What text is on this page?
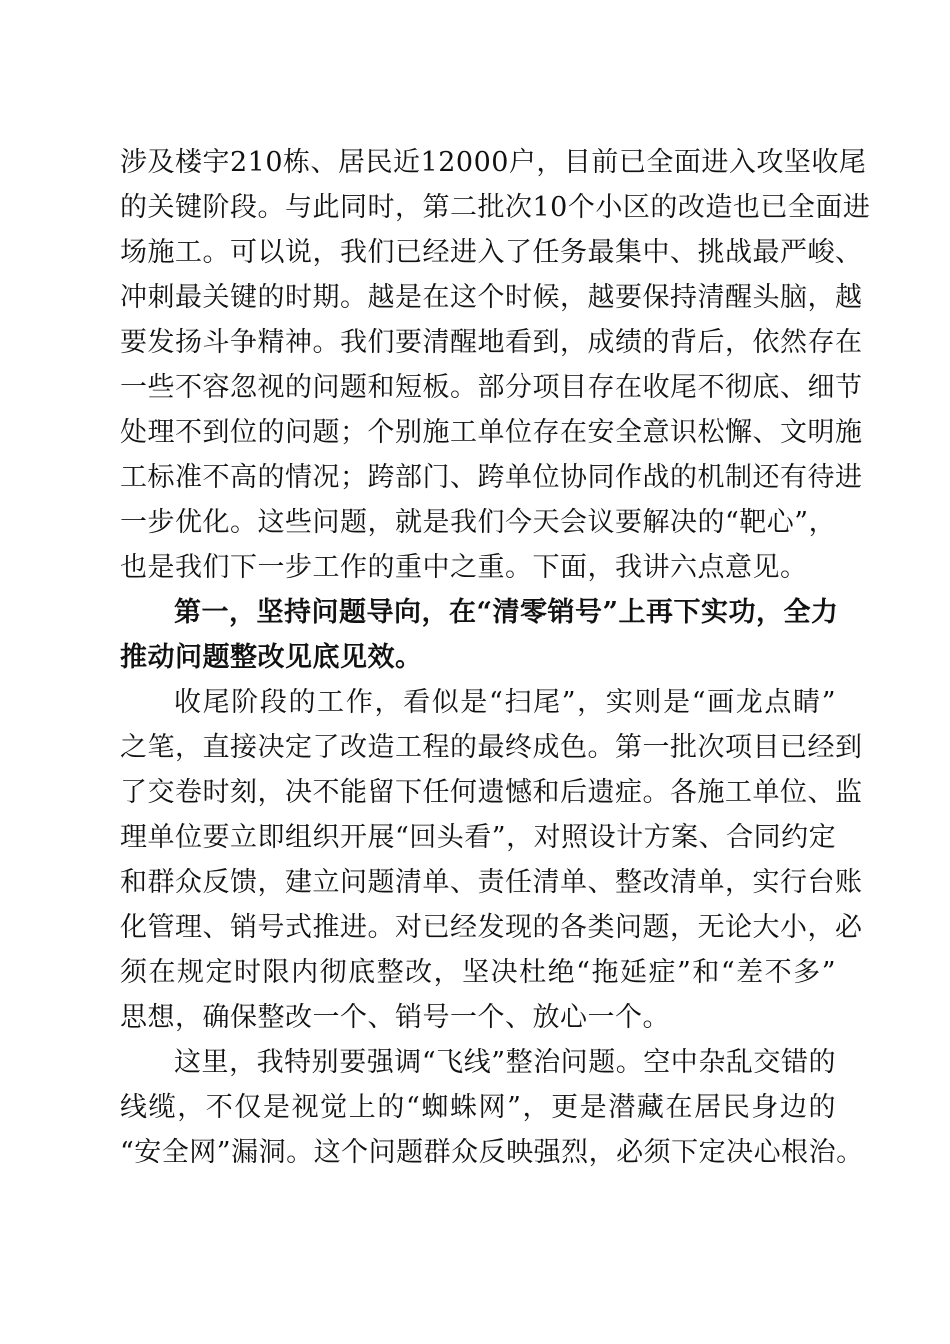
涉及楼宇210栋、居民近12000户，目前已全面进入攻坚收尾
的关键阶段。与此同时，第二批次10个小区的改造也已全面进
场施工。可以说，我们已经进入了任务最集中、挑战最严峻、
冲刺最关键的时期。越是在这个时候，越要保持清醒头脑，越
要发扬斗争精神。我们要清醒地看到，成绩的背后，依然存在
一些不容忽视的问题和短板。部分项目存在收尾不彻底、细节
处理不到位的问题；个别施工单位存在安全意识松懈、文明施
工标准不高的情况；跨部门、跨单位协同作战的机制还有待进
一步优化。这些问题，就是我们今天会议要解决的“靶心”，
也是我们下一步工作的重中之重。下面，我讲六点意见。
第一，坚持问题导向，在“清零销号”上再下实功，全力
推动问题整改见底见效。
收尾阶段的工作，看似是“扫尾”，实则是“画龙点睛”
之笔，直接决定了改造工程的最终成色。第一批次项目已经到
了交卷时刻，决不能留下任何遗憾和后遗症。各施工单位、监
理单位要立即组织开展“回头看”，对照设计方案、合同约定
和群众反馈，建立问题清单、责任清单、整改清单，实行台账
化管理、销号式推进。对已经发现的各类问题，无论大小，必
须在规定时限内彻底整改，坚决杜绝“拖延症”和“差不多”
思想，确保整改一个、销号一个、放心一个。
这里，我特别要强调“飞线”整治问题。空中杂乱交错的
线缆，不仅是视觉上的“蜘蛛网”，更是潜藏在居民身边的
“安全网”漏洞。这个问题群众反映强烈，必须下定决心根治。
